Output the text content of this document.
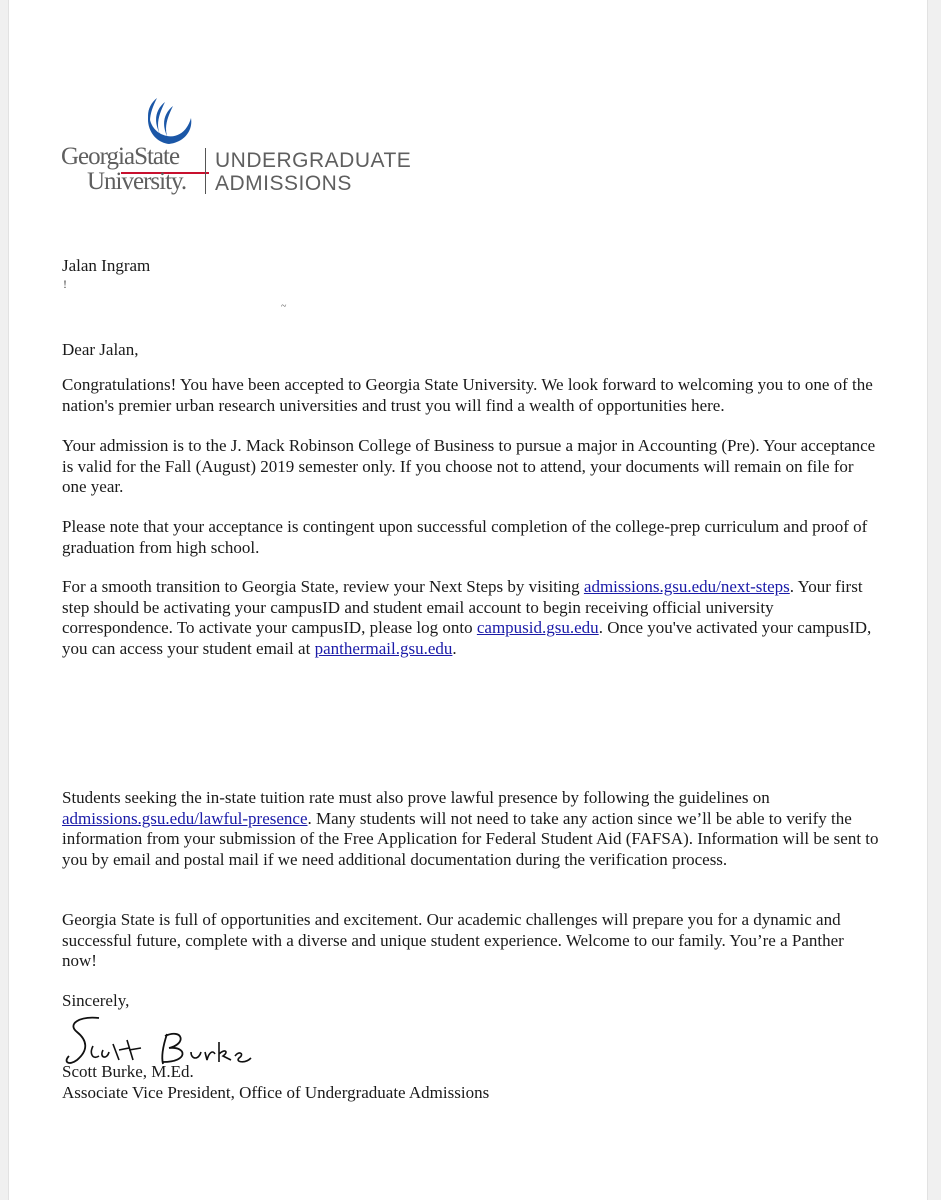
GeorgiaState
University.
UNDERGRADUATE
ADMISSIONS

Jalan Ingram

!
~

Dear Jalan,

Congratulations! You have been accepted to Georgia State University. We look forward to welcoming you to one of the nation's premier urban research universities and trust you will find a wealth of opportunities here.

Your admission is to the J. Mack Robinson College of Business to pursue a major in Accounting (Pre). Your acceptance is valid for the Fall (August) 2019 semester only. If you choose not to attend, your documents will remain on file for one year.

Please note that your acceptance is contingent upon successful completion of the college-prep curriculum and proof of graduation from high school.

For a smooth transition to Georgia State, review your Next Steps by visiting admissions.gsu.edu/next-steps. Your first step should be activating your campusID and student email account to begin receiving official university correspondence. To activate your campusID, please log onto campusid.gsu.edu. Once you've activated your campusID, you can access your student email at panthermail.gsu.edu.

Students seeking the in-state tuition rate must also prove lawful presence by following the guidelines on admissions.gsu.edu/lawful-presence. Many students will not need to take any action since we’ll be able to verify the information from your submission of the Free Application for Federal Student Aid (FAFSA). Information will be sent to you by email and postal mail if we need additional documentation during the verification process.

Georgia State is full of opportunities and excitement. Our academic challenges will prepare you for a dynamic and successful future, complete with a diverse and unique student experience. Welcome to our family. You’re a Panther now!

Sincerely,

Scott Burke, M.Ed.

Associate Vice President, Office of Undergraduate Admissions
